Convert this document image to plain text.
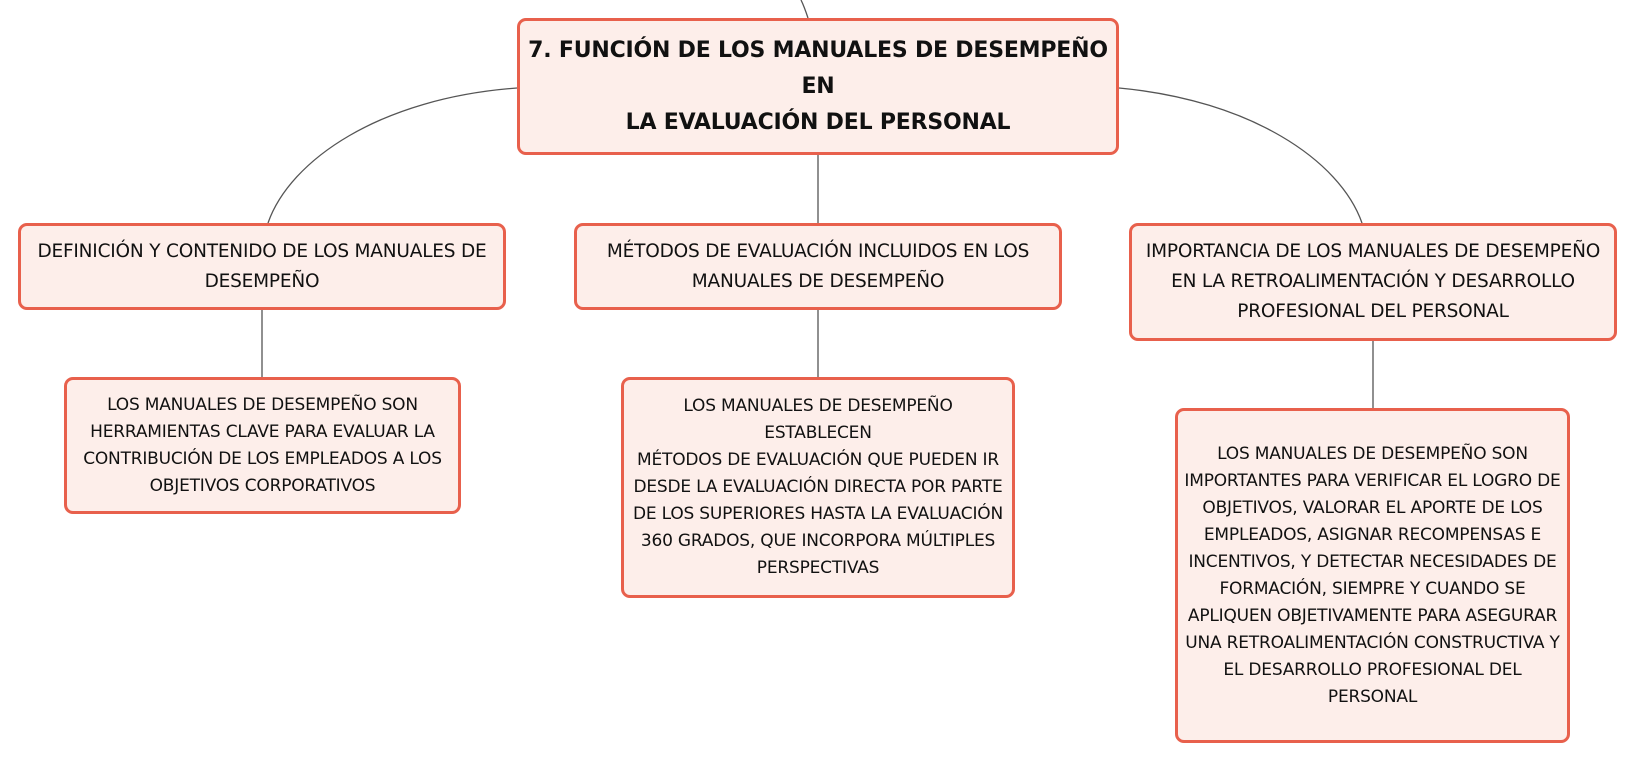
7. FUNCIÓN DE LOS MANUALES DE DESEMPEÑO EN
LA EVALUACIÓN DEL PERSONAL
DEFINICIÓN Y CONTENIDO DE LOS MANUALES DE
DESEMPEÑO
MÉTODOS DE EVALUACIÓN INCLUIDOS EN LOS
MANUALES DE DESEMPEÑO
IMPORTANCIA DE LOS MANUALES DE DESEMPEÑO
EN LA RETROALIMENTACIÓN Y DESARROLLO
PROFESIONAL DEL PERSONAL
LOS MANUALES DE DESEMPEÑO SON
HERRAMIENTAS CLAVE PARA EVALUAR LA
CONTRIBUCIÓN DE LOS EMPLEADOS A LOS
OBJETIVOS CORPORATIVOS
LOS MANUALES DE DESEMPEÑO ESTABLECEN
MÉTODOS DE EVALUACIÓN QUE PUEDEN IR
DESDE LA EVALUACIÓN DIRECTA POR PARTE
DE LOS SUPERIORES HASTA LA EVALUACIÓN
360 GRADOS, QUE INCORPORA MÚLTIPLES
PERSPECTIVAS
LOS MANUALES DE DESEMPEÑO SON
IMPORTANTES PARA VERIFICAR EL LOGRO DE
OBJETIVOS, VALORAR EL APORTE DE LOS
EMPLEADOS, ASIGNAR RECOMPENSAS E
INCENTIVOS, Y DETECTAR NECESIDADES DE
FORMACIÓN, SIEMPRE Y CUANDO SE
APLIQUEN OBJETIVAMENTE PARA ASEGURAR
UNA RETROALIMENTACIÓN CONSTRUCTIVA Y
EL DESARROLLO PROFESIONAL DEL
PERSONAL
